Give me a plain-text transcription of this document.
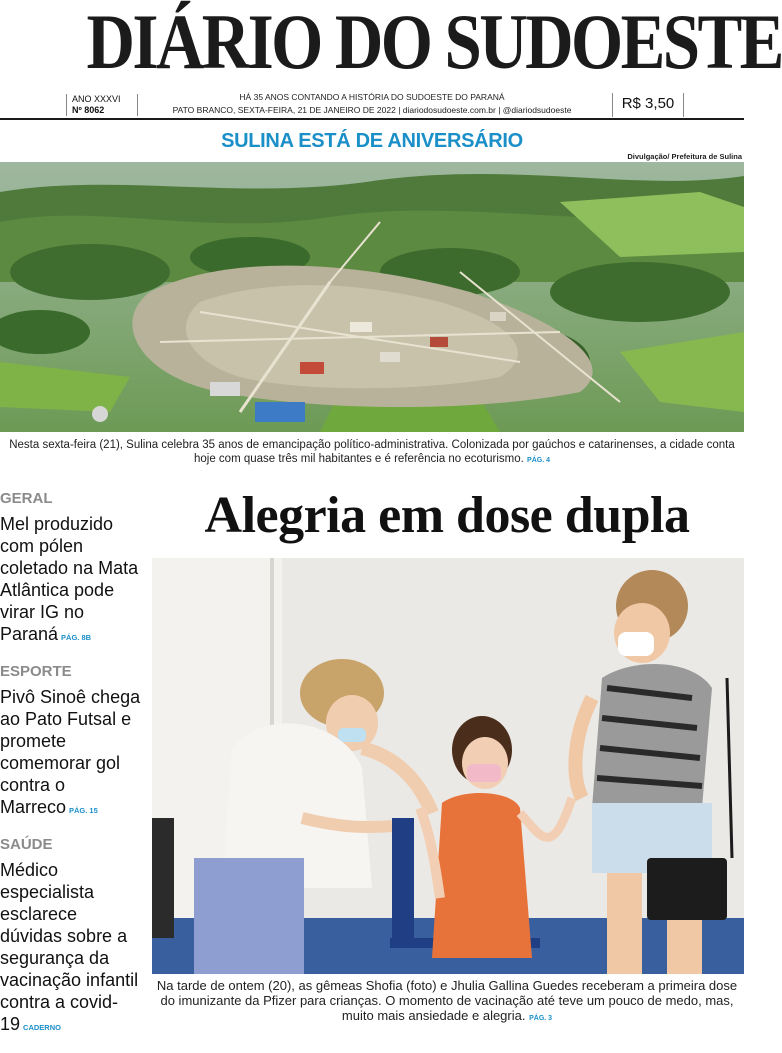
DIÁRIO DO SUDOESTE
ANO XXXVI
Nº 8062
HÁ 35 ANOS CONTANDO A HISTÓRIA DO SUDOESTE DO PARANÁ
PATO BRANCO, SEXTA-FEIRA, 21 DE JANEIRO DE 2022 | diariodosudoeste.com.br | @diariodsudoeste	R$ 3,50
SULINA ESTÁ DE ANIVERSÁRIO
Divulgação/ Prefeitura de Sulina

Nesta sexta-feira (21), Sulina celebra 35 anos de emancipação político-administrativa. Colonizada por gaúchos e catarinenses, a cidade conta hoje com quase três mil habitantes e é referência no ecoturismo. PÁG. 4

GERAL
Mel produzido com pólen coletado na Mata Atlântica pode virar IG no Paraná PÁG. 8B
ESPORTE
Pivô Sinoê chega ao Pato Futsal e promete comemorar gol contra o Marreco PÁG. 15
SAÚDE
Médico especialista esclarece dúvidas sobre a segurança da vacinação infantil contra a covid-19 CADERNO
Alegria em dose dupla

Na tarde de ontem (20), as gêmeas Shofia (foto) e Jhulia Gallina Guedes receberam a primeira dose do imunizante da Pfizer para crianças. O momento de vacinação até teve um pouco de medo, mas, muito mais ansiedade e alegria. PÁG. 3
